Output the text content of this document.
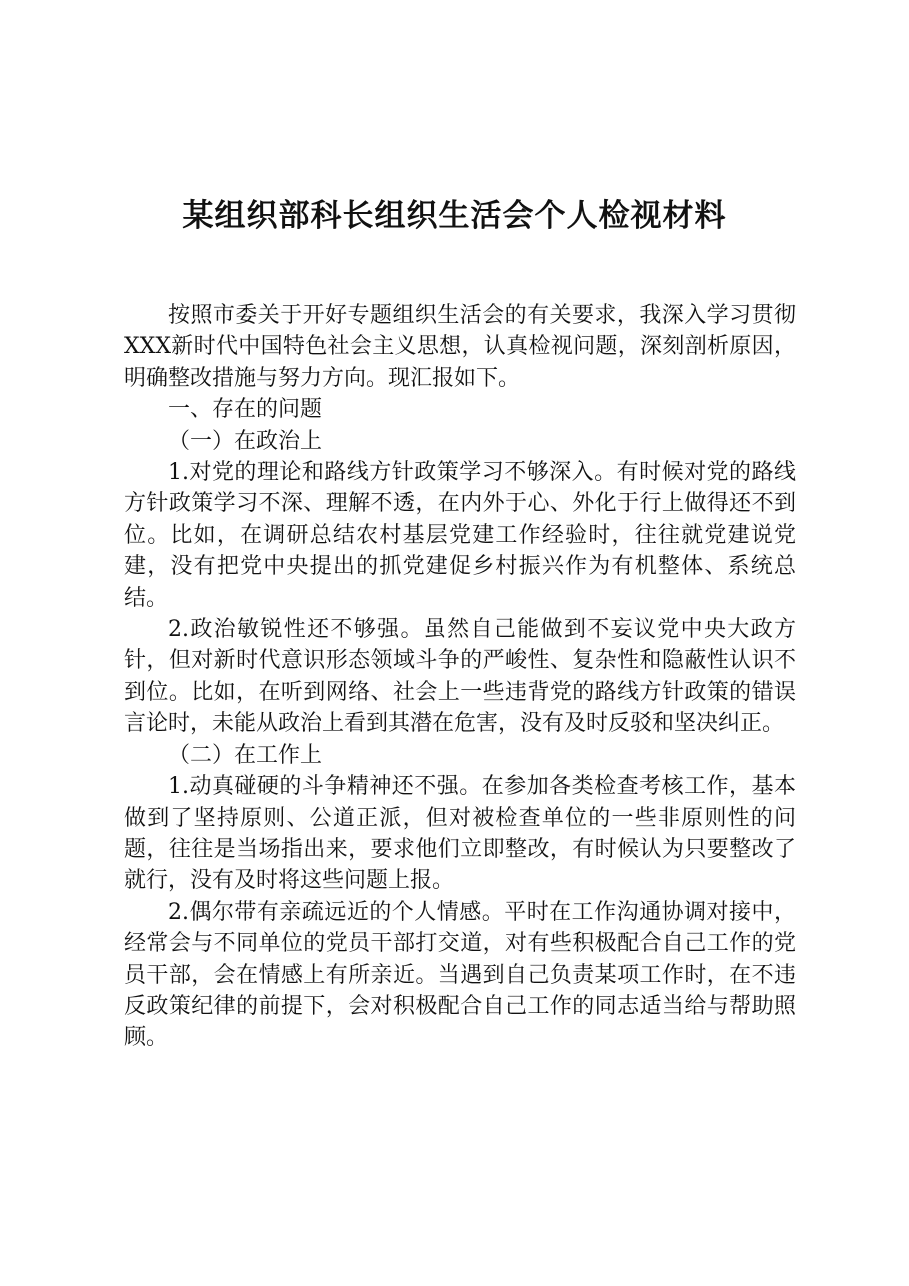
某组织部科长组织生活会个人检视材料

按照市委关于开好专题组织生活会的有关要求，我深入学习贯彻XXX新时代中国特色社会主义思想，认真检视问题，深刻剖析原因，明确整改措施与努力方向。现汇报如下。

一、存在的问题

（一）在政治上

1.对党的理论和路线方针政策学习不够深入。有时候对党的路线方针政策学习不深、理解不透，在内外于心、外化于行上做得还不到位。比如，在调研总结农村基层党建工作经验时，往往就党建说党建，没有把党中央提出的抓党建促乡村振兴作为有机整体、系统总结。

2.政治敏锐性还不够强。虽然自己能做到不妄议党中央大政方针，但对新时代意识形态领域斗争的严峻性、复杂性和隐蔽性认识不到位。比如，在听到网络、社会上一些违背党的路线方针政策的错误言论时，未能从政治上看到其潜在危害，没有及时反驳和坚决纠正。

（二）在工作上

1.动真碰硬的斗争精神还不强。在参加各类检查考核工作，基本做到了坚持原则、公道正派，但对被检查单位的一些非原则性的问题，往往是当场指出来，要求他们立即整改，有时候认为只要整改了就行，没有及时将这些问题上报。

2.偶尔带有亲疏远近的个人情感。平时在工作沟通协调对接中，经常会与不同单位的党员干部打交道，对有些积极配合自己工作的党员干部，会在情感上有所亲近。当遇到自己负责某项工作时，在不违反政策纪律的前提下，会对积极配合自己工作的同志适当给与帮助照顾。
